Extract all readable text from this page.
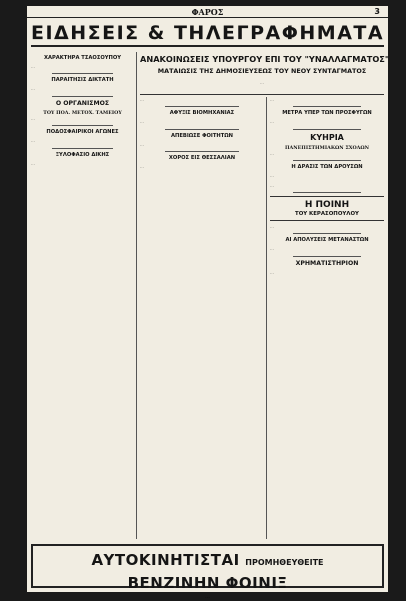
ΦΑΡΟΣ	3
ΕΙΔΗΣΕΙΣ & ΤΗΛΕΓΡΑΦΗΜΑΤΑ
ΧΑΡΑΚΤΗΡΑ ΤΣΑΟΣΟΥΠΟΥ
…
ΠΑΡΑΙΤΗΣΙΣ ΔΙΚΤΑΤΗ
…
Ο ΟΡΓΑΝΙΣΜΟΣ
ΤΟΥ ΠΟΛ. ΜΕΤΟΧ. ΤΑΜΕΙΟΥ
…
ΠΟΔΟΣΦΑΙΡΙΚΟΙ ΑΓΩΝΕΣ
…
ΞΥΛΟΦΑΣΙΟ ΔΙΚΗΣ
…
ΑΝΑΚΟΙΝΩΣΕΙΣ ΥΠΟΥΡΓΟΥ ΕΠΙ ΤΟΥ "ΥΝΑΛΛΑΓΜΑΤΟΣ"
ΜΑΤΑΙΩΣΙΣ ΤΗΣ ΔΗΜΟΣΙΕΥΣΕΩΣ ΤΟΥ ΝΕΟΥ ΣΥΝΤΑΓΜΑΤΟΣ
…
…
ΑΦΥΞΙΣ ΒΙΟΜΗΧΑΝΙΑΣ
…
ΑΠΕΒΙΩΣΕ ΦΟΙΤΗΤΩΝ
…
ΧΟΡΟΣ ΕΙΣ ΘΕΣΣΑΛΙΑΝ
…
…
ΜΕΤΡΑ ΥΠΕΡ ΤΩΝ ΠΡΟΣΦΥΓΩΝ
…
ΚΥΗΡΙΑ
ΠΑΝΕΠΙΣΤΗΜΙΑΚΩΝ ΣΧΟΛΩΝ
…
Η ΔΡΑΣΙΣ ΤΩΝ ΔΡΟΥΣΩΝ
…
…
Η ΠΟΙΝΗ
ΤΟΥ ΚΕΡΑΣΟΠΟΥΛΟΥ
…
ΑΙ ΑΠΟΛΥΣΕΙΣ ΜΕΤΑΝΑΣΤΩΝ
…
ΧΡΗΜΑΤΙΣΤΗΡΙΟΝ
…
ΑΥΤΟΚΙΝΗΤΙΣΤΑΙ ΠΡΟΜΗΘΕΥΘΕΙΤΕ
ΒΕΝΖΙΝΗΝ ΦΟΙΝΙΞ
…
